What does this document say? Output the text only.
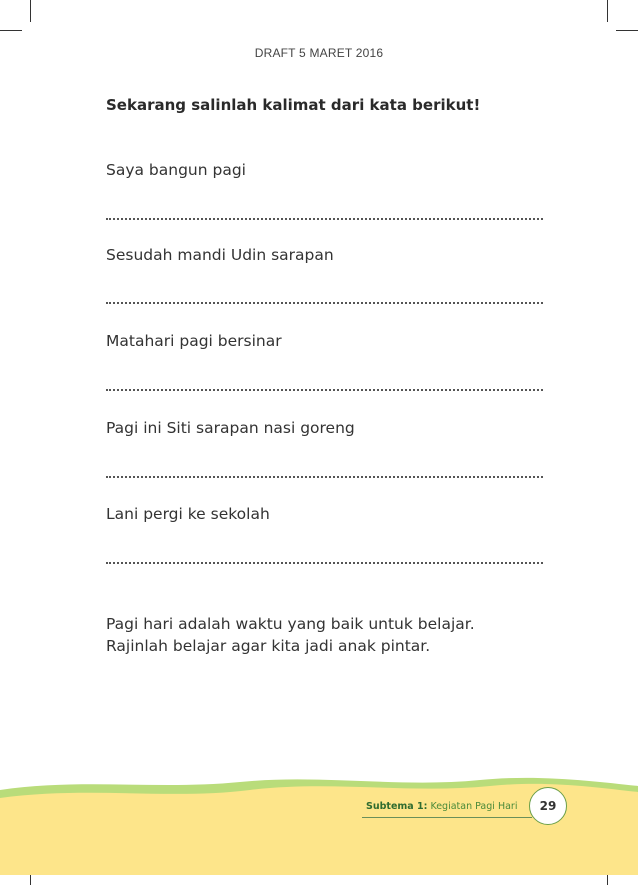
DRAFT 5 MARET 2016
Sekarang salinlah kalimat dari kata berikut!
Saya bangun pagi
Sesudah mandi Udin sarapan
Matahari pagi bersinar
Pagi ini Siti sarapan nasi goreng
Lani pergi ke sekolah
Pagi hari adalah waktu yang baik untuk belajar.
Rajinlah belajar agar kita jadi anak pintar.
Subtema 1: Kegiatan Pagi Hari 29
